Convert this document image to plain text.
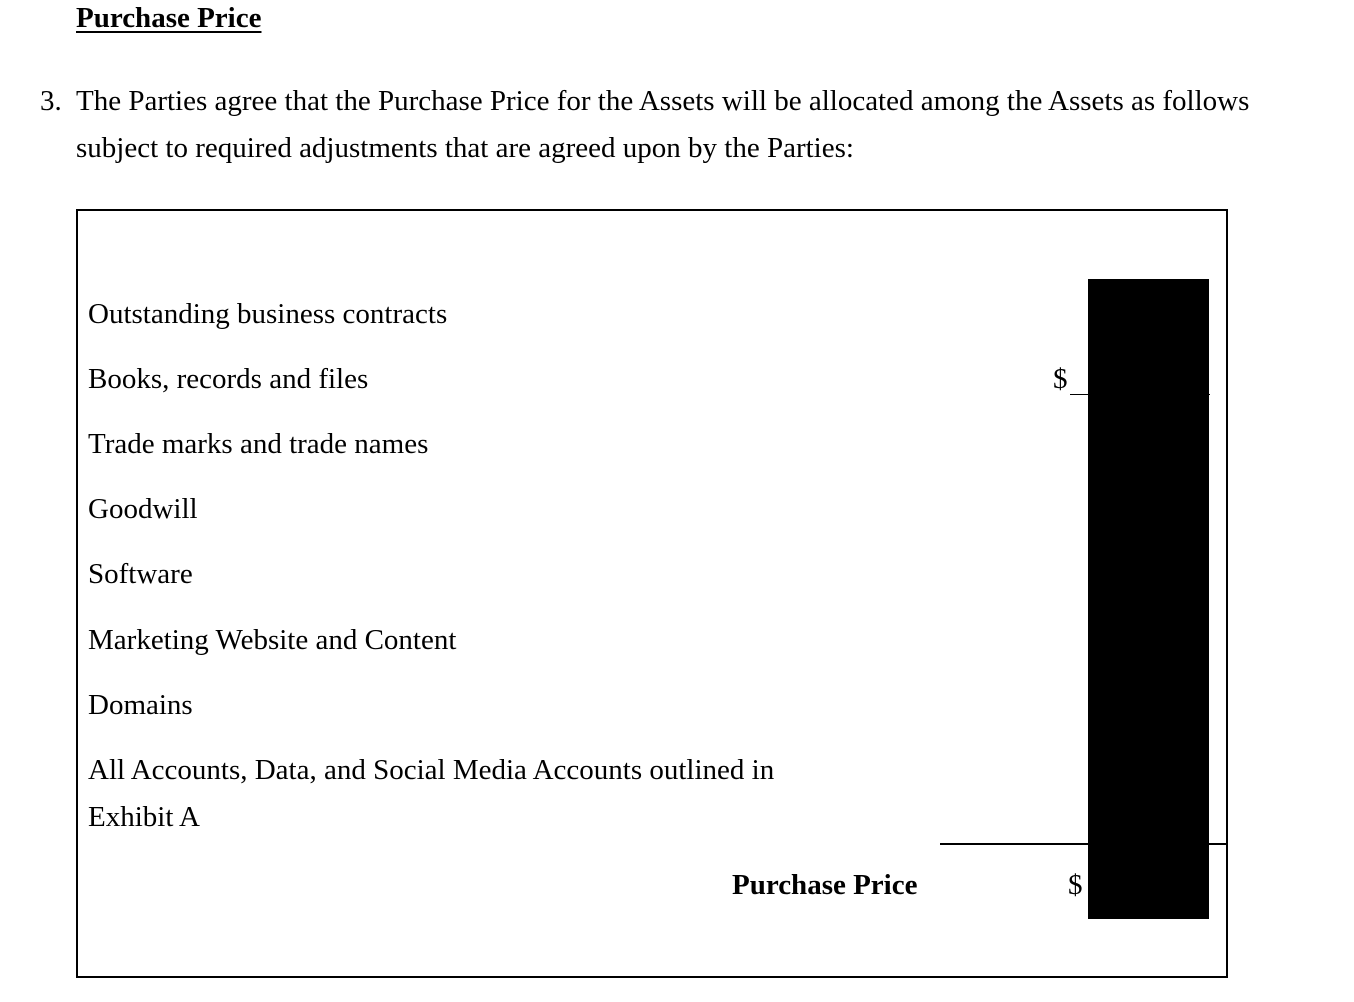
Purchase Price
3. The Parties agree that the Purchase Price for the Assets will be allocated among the Assets as follows subject to required adjustments that are agreed upon by the Parties:
Outstanding business contracts
Books, records and files
Trade marks and trade names
Goodwill
Software
Marketing Website and Content
Domains
All Accounts, Data, and Social Media Accounts outlined in Exhibit A
$
Purchase Price	$
